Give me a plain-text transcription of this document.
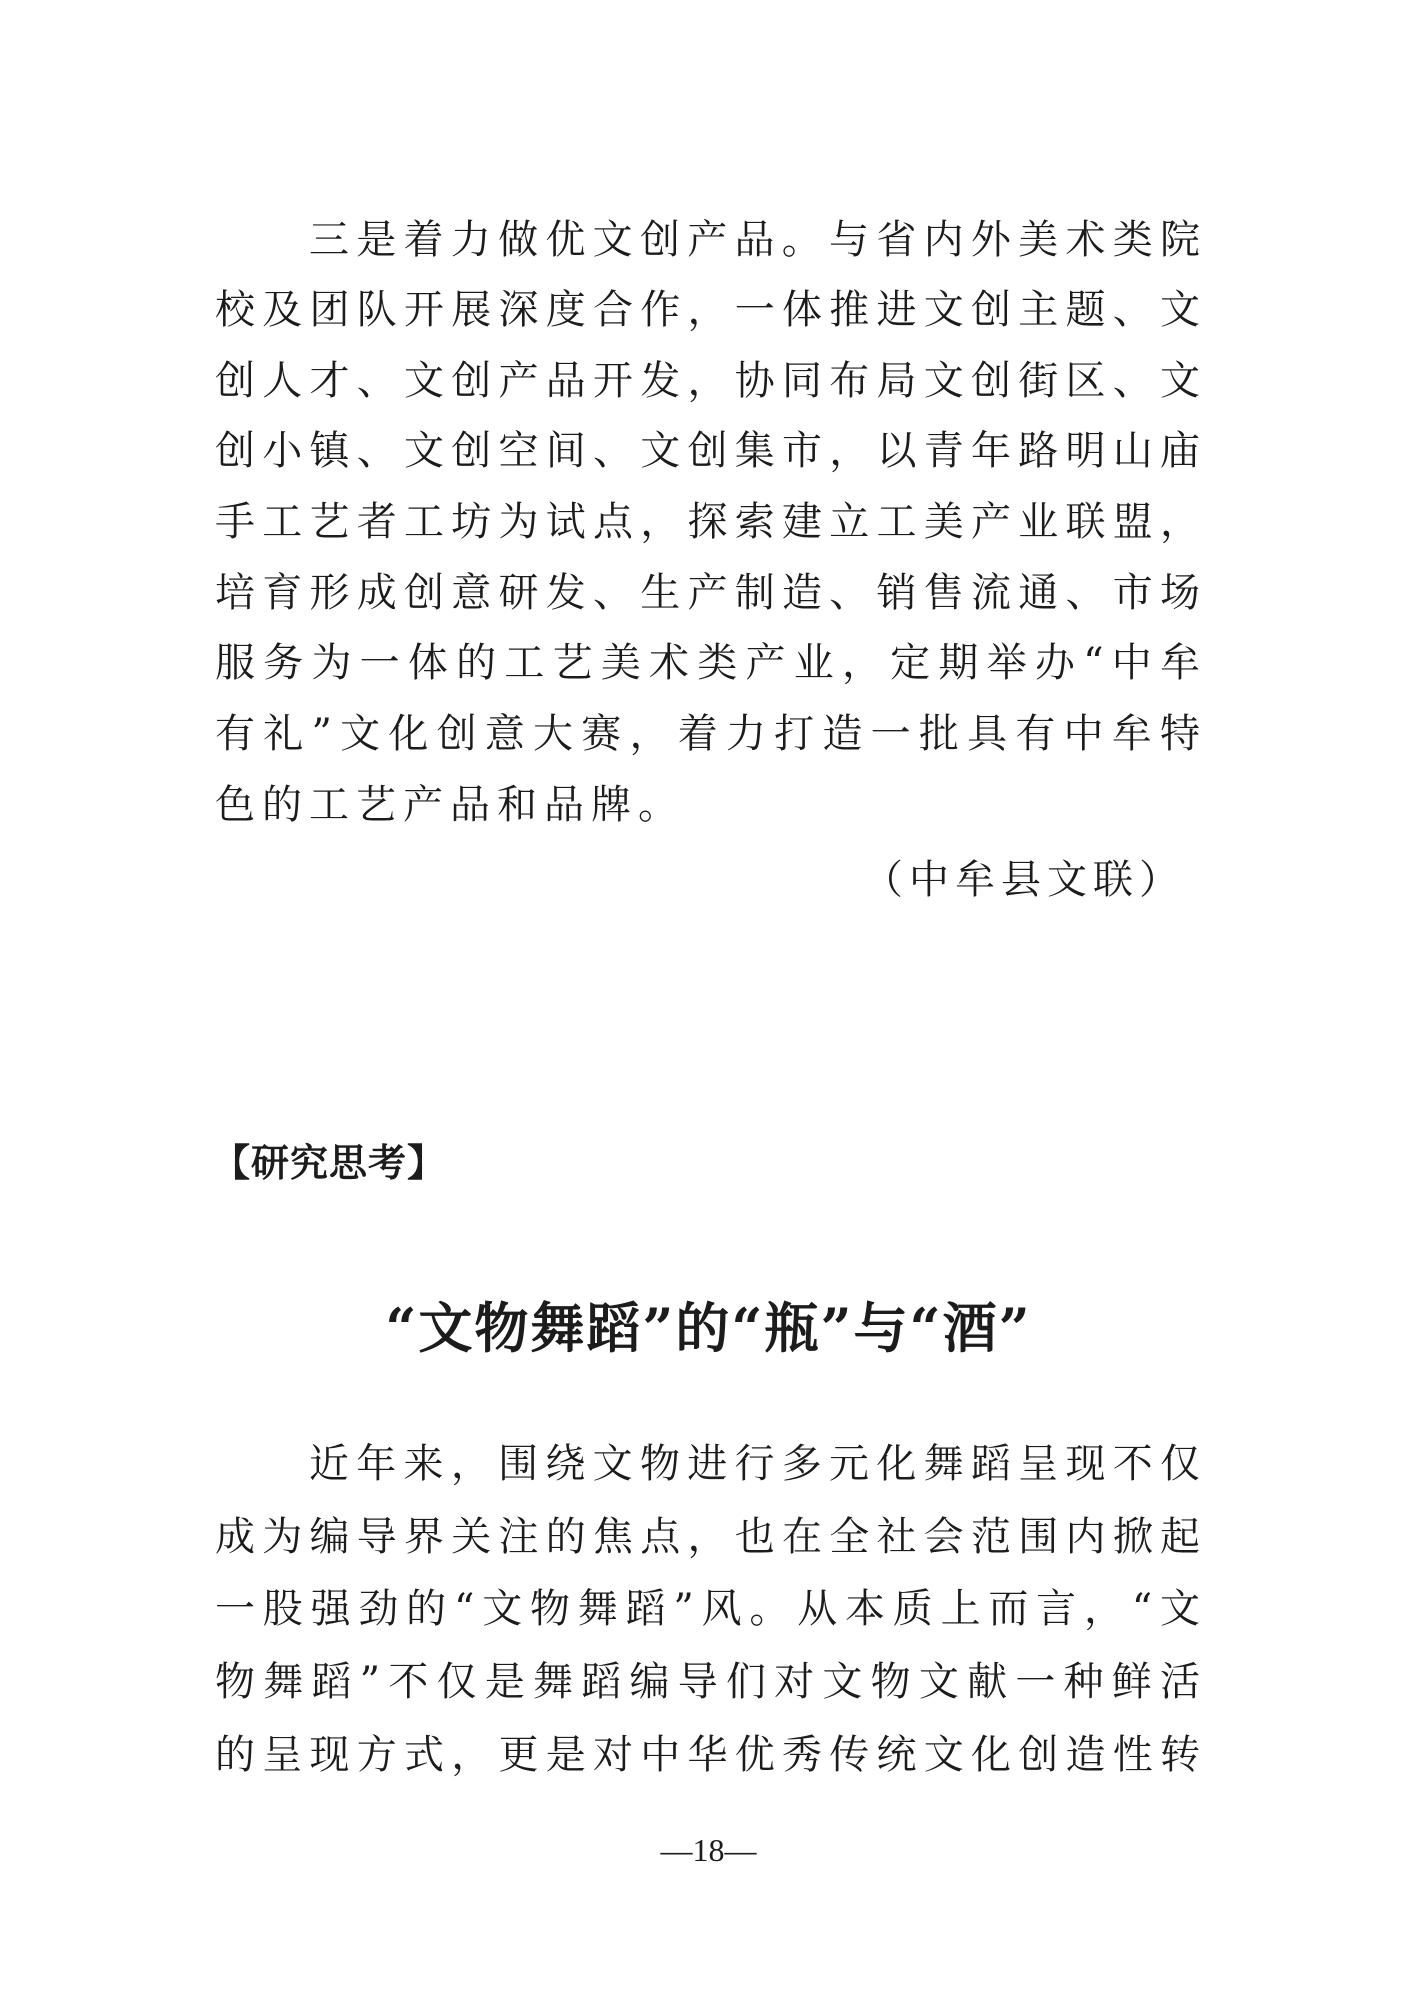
三是着力做优文创产品。与省内外美术类院
校及团队开展深度合作，一体推进文创主题、文
创人才、文创产品开发，协同布局文创街区、文
创小镇、文创空间、文创集市，以青年路明山庙
手工艺者工坊为试点，探索建立工美产业联盟，
培育形成创意研发、生产制造、销售流通、市场
服务为一体的工艺美术类产业，定期举办“中牟
有礼”文化创意大赛，着力打造一批具有中牟特
色的工艺产品和品牌。
（中牟县文联）
【研究思考】
“文物舞蹈”的“瓶”与“酒”
近年来，围绕文物进行多元化舞蹈呈现不仅
成为编导界关注的焦点，也在全社会范围内掀起
一股强劲的“文物舞蹈”风。从本质上而言，“文
物舞蹈”不仅是舞蹈编导们对文物文献一种鲜活
的呈现方式，更是对中华优秀传统文化创造性转
—18—
